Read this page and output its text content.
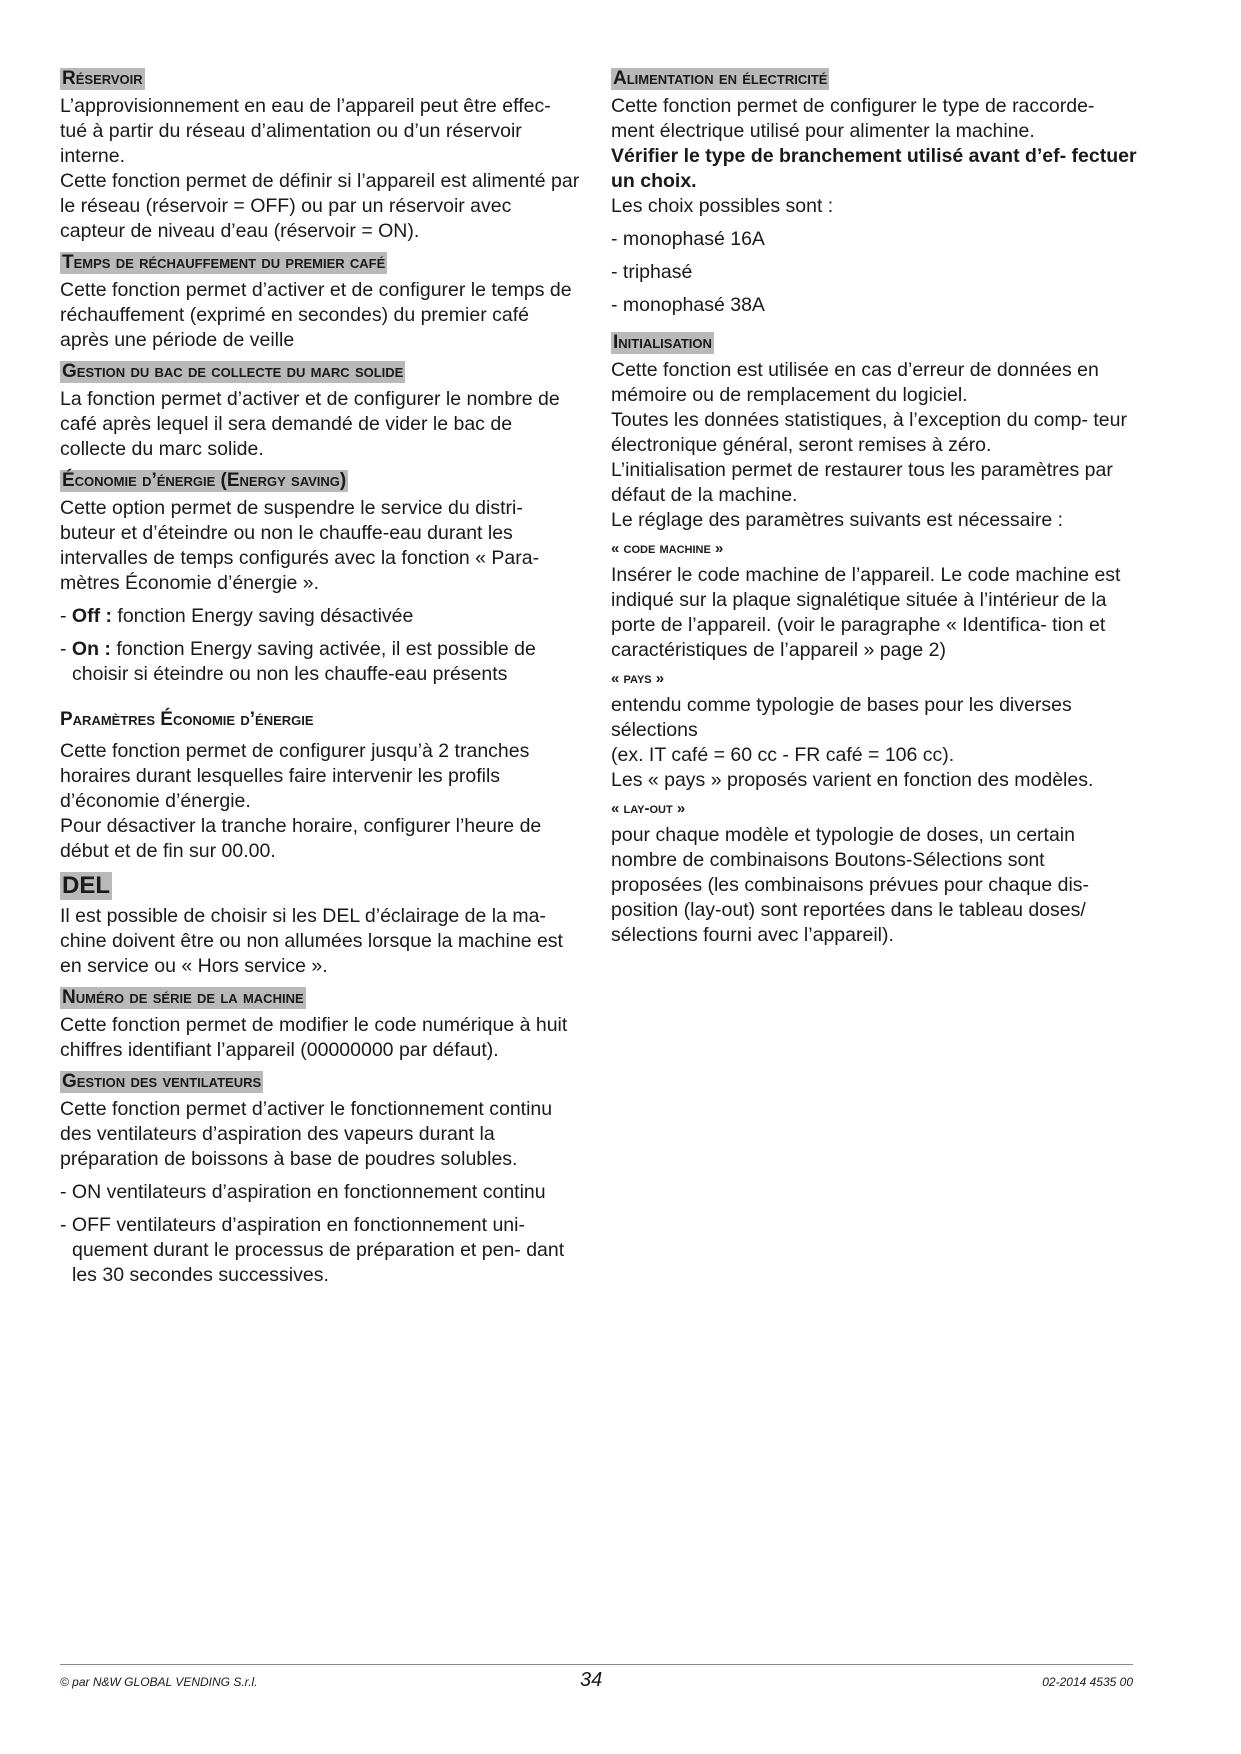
Réservoir

L’approvisionnement en eau de l’appareil peut être effec- tué à partir du réseau d’alimentation ou d’un réservoir interne.

Cette fonction permet de définir si l’appareil est alimenté par le réseau (réservoir = OFF) ou par un réservoir avec capteur de niveau d’eau (réservoir = ON).

Temps de réchauffement du premier café

Cette fonction permet d’activer et de configurer le temps de réchauffement (exprimé en secondes) du premier café après une période de veille

Gestion du bac de collecte du marc solide

La fonction permet d’activer et de configurer le nombre de café après lequel il sera demandé de vider le bac de collecte du marc solide.

Économie d’énergie (Energy saving)

Cette option permet de suspendre le service du distri- buteur et d’éteindre ou non le chauffe-eau durant les intervalles de temps configurés avec la fonction « Para- mètres Économie d’énergie ».

- Off : fonction Energy saving désactivée

- On : fonction Energy saving activée, il est possible de choisir si éteindre ou non les chauffe-eau présents

Paramètres Économie d’énergie

Cette fonction permet de configurer jusqu’à 2 tranches horaires durant lesquelles faire intervenir les profils d’économie d’énergie.

Pour désactiver la tranche horaire, configurer l’heure de début et de fin sur 00.00.

DEL

Il est possible de choisir si les DEL d’éclairage de la ma- chine doivent être ou non allumées lorsque la machine est en service ou « Hors service ».

Numéro de série de la machine

Cette fonction permet de modifier le code numérique à huit chiffres identifiant l’appareil (00000000 par défaut).

Gestion des ventilateurs

Cette fonction permet d’activer le fonctionnement continu des ventilateurs d’aspiration des vapeurs durant la préparation de boissons à base de poudres solubles.

- ON ventilateurs d’aspiration en fonctionnement continu

- OFF ventilateurs d’aspiration en fonctionnement uni- quement durant le processus de préparation et pen- dant les 30 secondes successives.

Alimentation en électricité

Cette fonction permet de configurer le type de raccorde- ment électrique utilisé pour alimenter la machine.

Vérifier le type de branchement utilisé avant d’ef- fectuer un choix.

Les choix possibles sont :

- monophasé 16A

- triphasé

- monophasé 38A

Initialisation

Cette fonction est utilisée en cas d’erreur de données en mémoire ou de remplacement du logiciel.

Toutes les données statistiques, à l’exception du comp- teur électronique général, seront remises à zéro.

L’initialisation permet de restaurer tous les paramètres par défaut de la machine.

Le réglage des paramètres suivants est nécessaire :

« code machine »

Insérer le code machine de l’appareil. Le code machine est indiqué sur la plaque signalétique située à l’intérieur de la porte de l’appareil. (voir le paragraphe « Identifica- tion et caractéristiques de l’appareil » page 2)

« pays »

entendu comme typologie de bases pour les diverses sélections

(ex. IT café = 60 cc - FR café = 106 cc).

Les « pays » proposés varient en fonction des modèles.

« lay-out »

pour chaque modèle et typologie de doses, un certain nombre de combinaisons Boutons-Sélections sont proposées (les combinaisons prévues pour chaque dis- position (lay-out) sont reportées dans le tableau doses/ sélections fourni avec l’appareil).

© par N&W GLOBAL VENDING S.r.l.	34	02-2014 4535 00
